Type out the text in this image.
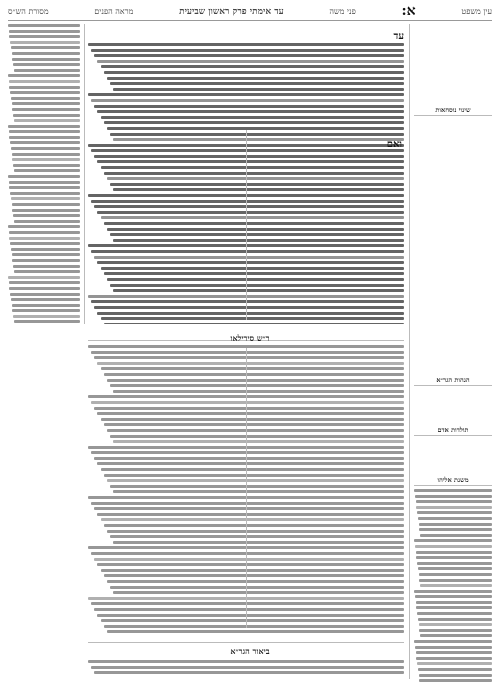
עין משפט
א:
פני משה
עד אימתי פרק ראשון שביעית
מראה הפנים
מסורת הש״ס
שינוי נוסחאות
הגהות הגר״א
תולדות אדם
משנת אליהו
עד
ואם
ר״ש סירילאו
ביאור הגר״א
